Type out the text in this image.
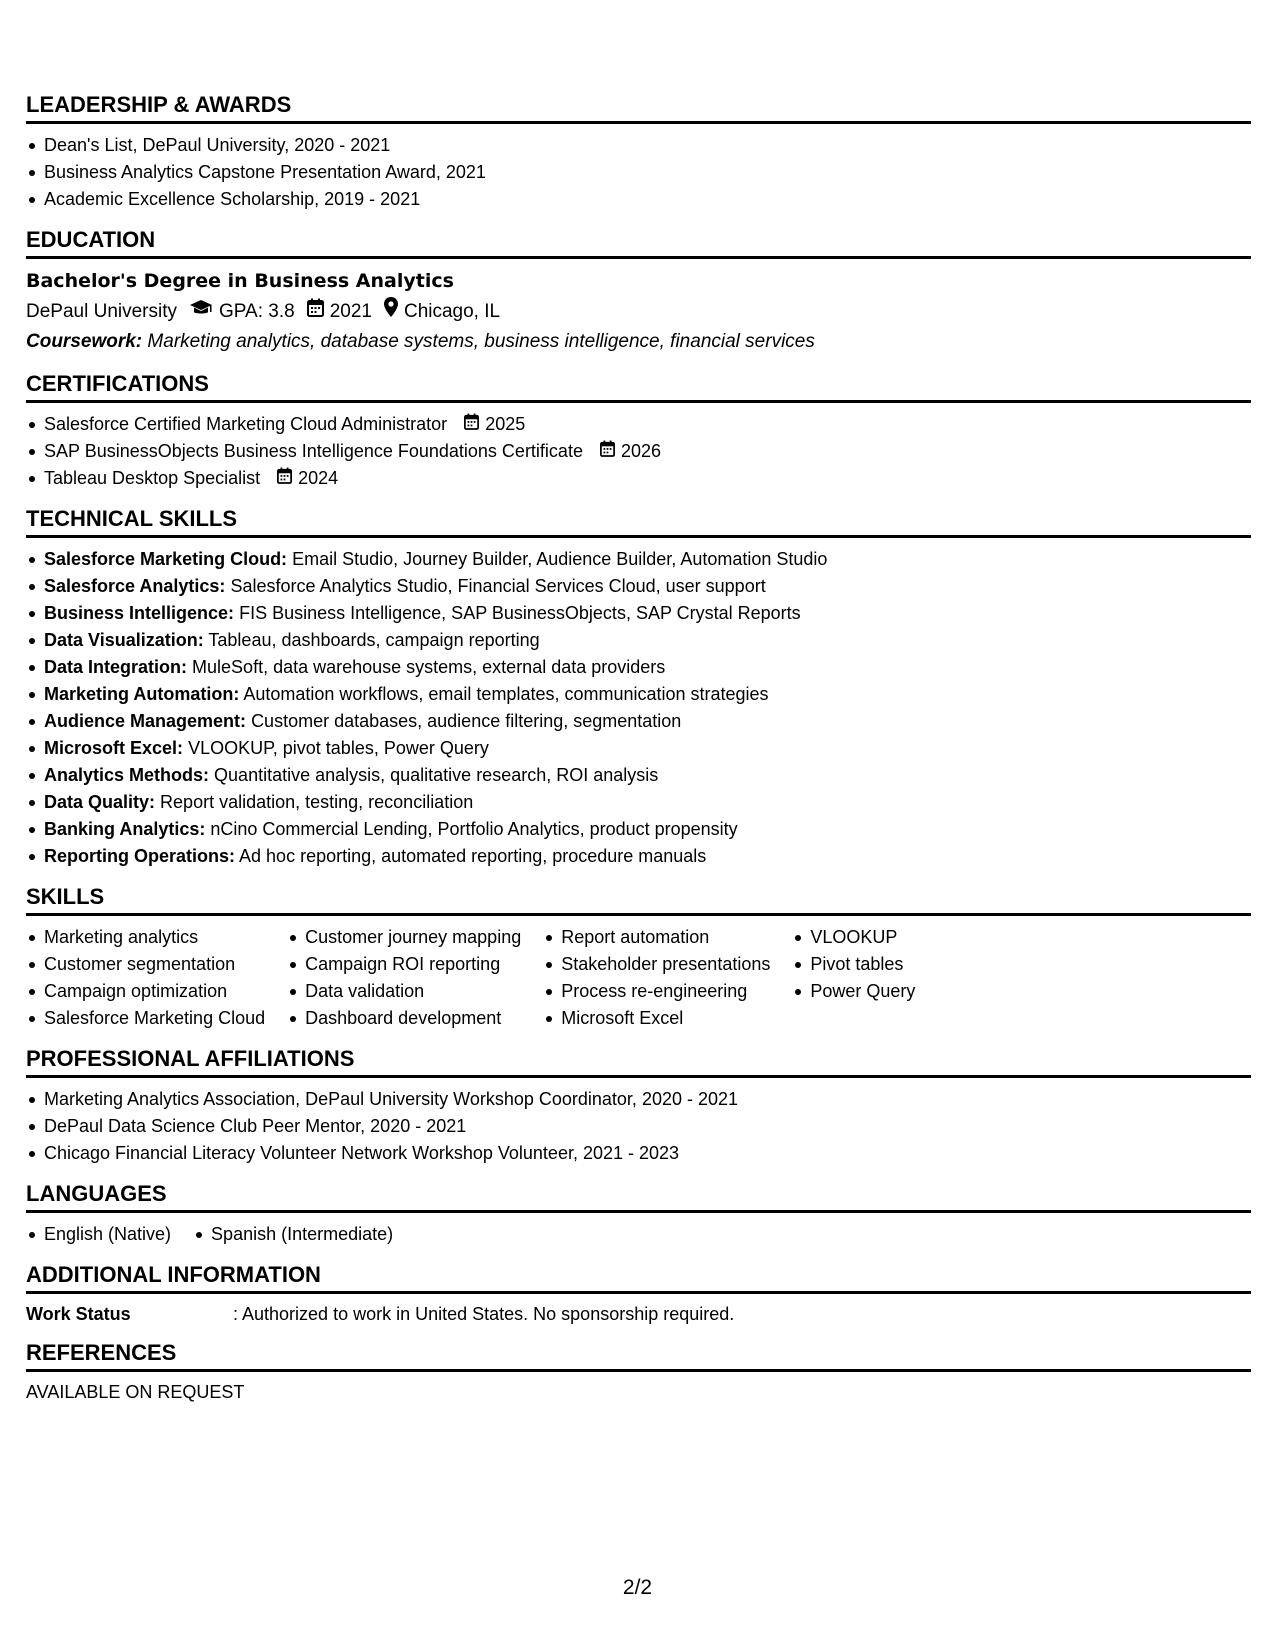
LEADERSHIP & AWARDS
Dean's List, DePaul University, 2020 - 2021
Business Analytics Capstone Presentation Award, 2021
Academic Excellence Scholarship, 2019 - 2021
EDUCATION
Bachelor's Degree in Business Analytics
DePaul University GPA: 3.8 2021 Chicago, IL
Coursework: Marketing analytics, database systems, business intelligence, financial services
CERTIFICATIONS
Salesforce Certified Marketing Cloud Administrator 2025
SAP BusinessObjects Business Intelligence Foundations Certificate 2026
Tableau Desktop Specialist 2024
TECHNICAL SKILLS
Salesforce Marketing Cloud: Email Studio, Journey Builder, Audience Builder, Automation Studio
Salesforce Analytics: Salesforce Analytics Studio, Financial Services Cloud, user support
Business Intelligence: FIS Business Intelligence, SAP BusinessObjects, SAP Crystal Reports
Data Visualization: Tableau, dashboards, campaign reporting
Data Integration: MuleSoft, data warehouse systems, external data providers
Marketing Automation: Automation workflows, email templates, communication strategies
Audience Management: Customer databases, audience filtering, segmentation
Microsoft Excel: VLOOKUP, pivot tables, Power Query
Analytics Methods: Quantitative analysis, qualitative research, ROI analysis
Data Quality: Report validation, testing, reconciliation
Banking Analytics: nCino Commercial Lending, Portfolio Analytics, product propensity
Reporting Operations: Ad hoc reporting, automated reporting, procedure manuals
SKILLS
Marketing analytics
Customer segmentation
Campaign optimization
Salesforce Marketing Cloud
Customer journey mapping
Campaign ROI reporting
Data validation
Dashboard development
Report automation
Stakeholder presentations
Process re-engineering
Microsoft Excel
VLOOKUP
Pivot tables
Power Query
PROFESSIONAL AFFILIATIONS
Marketing Analytics Association, DePaul University Workshop Coordinator, 2020 - 2021
DePaul Data Science Club Peer Mentor, 2020 - 2021
Chicago Financial Literacy Volunteer Network Workshop Volunteer, 2021 - 2023
LANGUAGES
English (Native) Spanish (Intermediate)
ADDITIONAL INFORMATION
Work Status	: Authorized to work in United States. No sponsorship required.
REFERENCES
AVAILABLE ON REQUEST
2/2
